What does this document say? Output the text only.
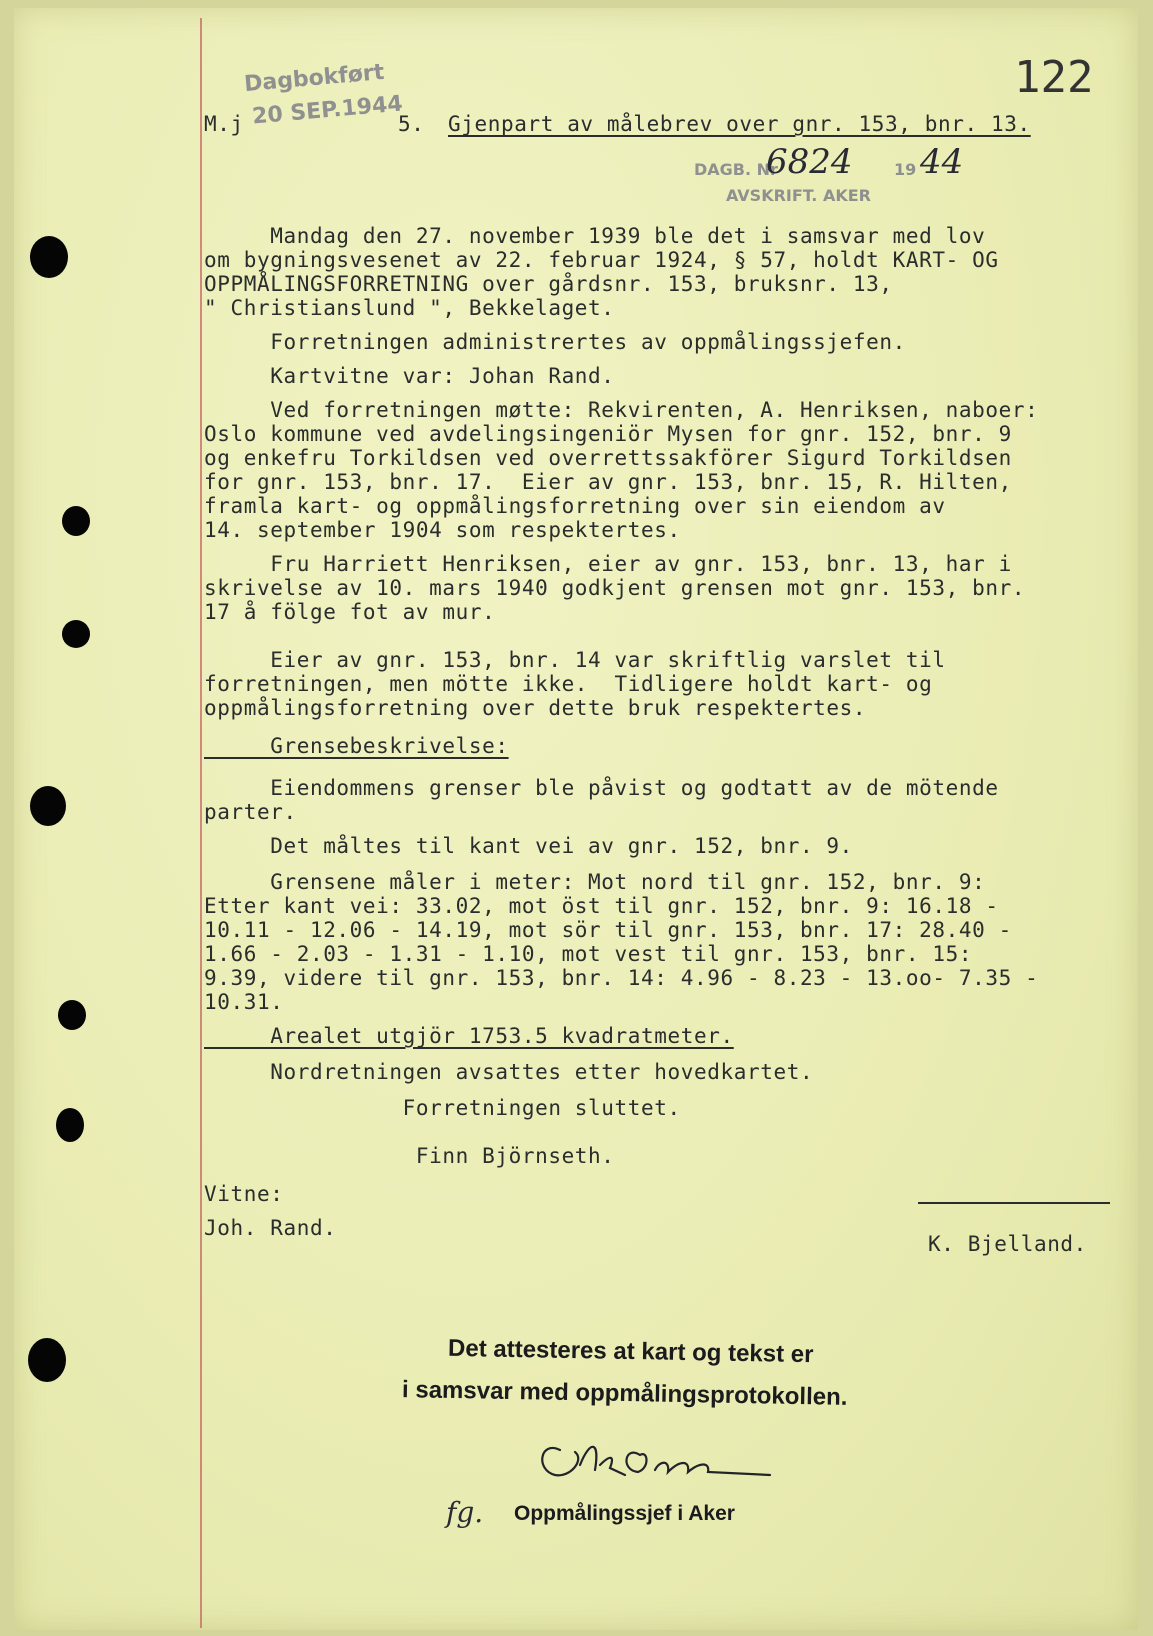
122
Dagbokført
20 SEP.1944
M.j	5. Gjenpart av målebrev over gnr. 153, bnr. 13.
DAGB. Nr
6824	19 44
AVSKRIFT. AKER
Mandag den 27. november 1939 ble det i samsvar med lov
om bygningsvesenet av 22. februar 1924, § 57, holdt KART- OG
OPPMÅLINGSFORRETNING over gårdsnr. 153, bruksnr. 13,
" Christianslund ", Bekkelaget.
Forretningen administrertes av oppmålingssjefen.
Kartvitne var: Johan Rand.
Ved forretningen møtte: Rekvirenten, A. Henriksen, naboer:
Oslo kommune ved avdelingsingeniör Mysen for gnr. 152, bnr. 9
og enkefru Torkildsen ved overrettssakförer Sigurd Torkildsen
for gnr. 153, bnr. 17.  Eier av gnr. 153, bnr. 15, R. Hilten,
framla kart- og oppmålingsforretning over sin eiendom av
14. september 1904 som respektertes.
Fru Harriett Henriksen, eier av gnr. 153, bnr. 13, har i
skrivelse av 10. mars 1940 godkjent grensen mot gnr. 153, bnr.
17 å fölge fot av mur.
Eier av gnr. 153, bnr. 14 var skriftlig varslet til
forretningen, men mötte ikke.  Tidligere holdt kart- og
oppmålingsforretning over dette bruk respektertes.
Grensebeskrivelse:
Eiendommens grenser ble påvist og godtatt av de mötende
parter.
Det måltes til kant vei av gnr. 152, bnr. 9.
Grensene måler i meter: Mot nord til gnr. 152, bnr. 9:
Etter kant vei: 33.02, mot öst til gnr. 152, bnr. 9: 16.18 -
10.11 - 12.06 - 14.19, mot sör til gnr. 153, bnr. 17: 28.40 -
1.66 - 2.03 - 1.31 - 1.10, mot vest til gnr. 153, bnr. 15:
9.39, videre til gnr. 153, bnr. 14: 4.96 - 8.23 - 13.oo- 7.35 -
10.31.
Arealet utgjör 1753.5 kvadratmeter.
Nordretningen avsattes etter hovedkartet.
Forretningen sluttet.
Finn Björnseth.
Vitne:
Joh. Rand.
K. Bjelland.
Det attesteres at kart og tekst er
i samsvar med oppmålingsprotokollen.
fg. Oppmålingssjef i Aker
